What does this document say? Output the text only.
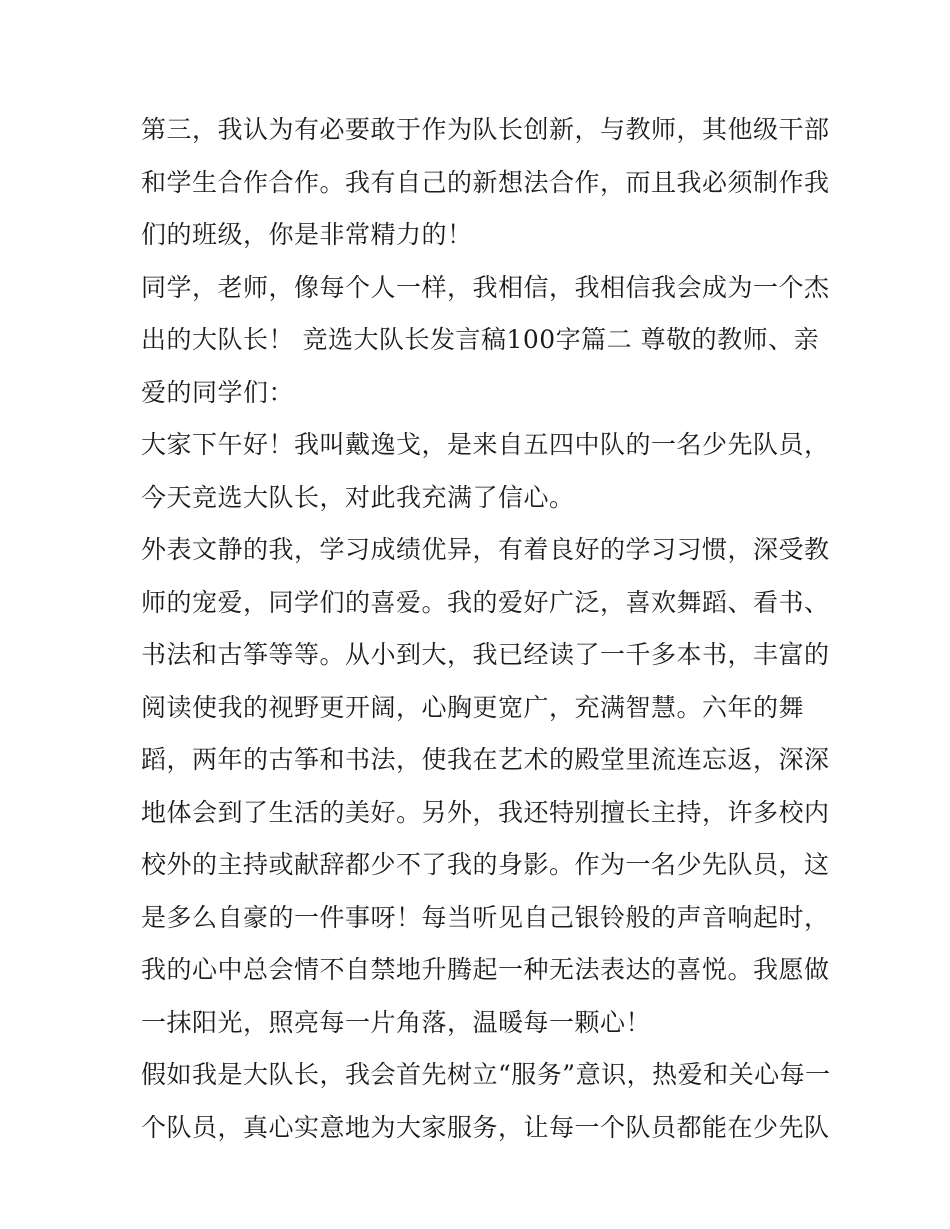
第三，我认为有必要敢于作为队长创新，与教师，其他级干部
和学生合作合作。我有自己的新想法合作，而且我必须制作我
们的班级，你是非常精力的！
同学，老师，像每个人一样，我相信，我相信我会成为一个杰
出的大队长！ 竞选大队长发言稿100字篇二 尊敬的教师、亲
爱的同学们：
大家下午好！我叫戴逸戈，是来自五四中队的一名少先队员，
今天竞选大队长，对此我充满了信心。
外表文静的我，学习成绩优异，有着良好的学习习惯，深受教
师的宠爱，同学们的喜爱。我的爱好广泛，喜欢舞蹈、看书、
书法和古筝等等。从小到大，我已经读了一千多本书，丰富的
阅读使我的视野更开阔，心胸更宽广，充满智慧。六年的舞
蹈，两年的古筝和书法，使我在艺术的殿堂里流连忘返，深深
地体会到了生活的美好。另外，我还特别擅长主持，许多校内
校外的主持或献辞都少不了我的身影。作为一名少先队员，这
是多么自豪的一件事呀！每当听见自己银铃般的声音响起时，
我的心中总会情不自禁地升腾起一种无法表达的喜悦。我愿做
一抹阳光，照亮每一片角落，温暖每一颗心！
假如我是大队长，我会首先树立“服务”意识，热爱和关心每一
个队员，真心实意地为大家服务，让每一个队员都能在少先队
